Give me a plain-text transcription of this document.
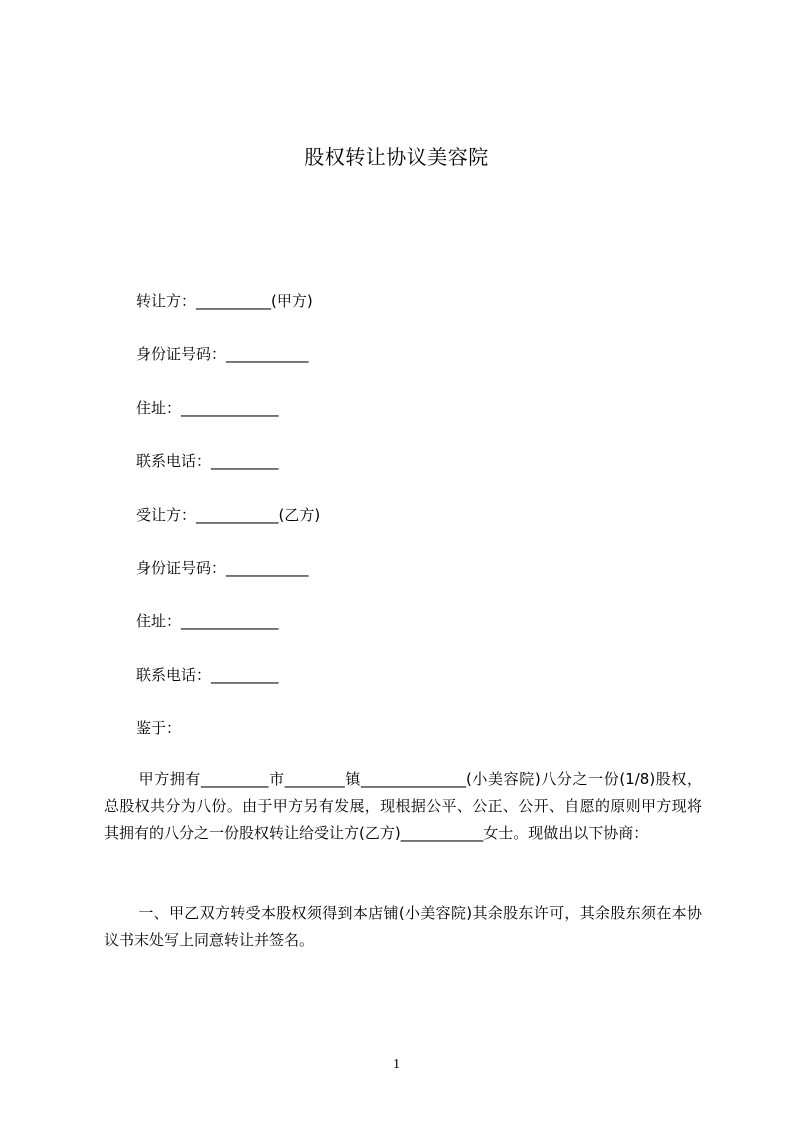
股权转让协议美容院
转让方：__________(甲方)
身份证号码：___________
住址：_____________
联系电话：_________
受让方：___________(乙方)
身份证号码：___________
住址：_____________
联系电话：_________
鉴于：
甲方拥有_________市________镇______________(小美容院)八分之一份(1/8)股权，总股权共分为八份。由于甲方另有发展，现根据公平、公正、公开、自愿的原则甲方现将其拥有的八分之一份股权转让给受让方(乙方)___________女士。现做出以下协商：
一、甲乙双方转受本股权须得到本店铺(小美容院)其余股东许可，其余股东须在本协议书末处写上同意转让并签名。
1
